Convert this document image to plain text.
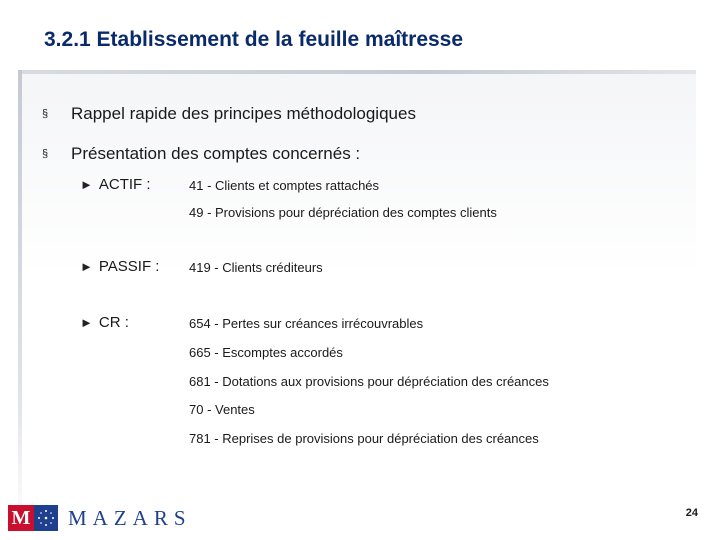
3.2.1 Etablissement de la feuille maîtresse
§	Rappel rapide des principes méthodologiques
§	Présentation des comptes concernés :
► ACTIF :	41 - Clients et comptes rattachés
49 - Provisions pour dépréciation des comptes clients
► PASSIF : 419 - Clients créditeurs
► CR :	654 - Pertes sur créances irrécouvrables
665 - Escomptes accordés
681 - Dotations aux provisions pour dépréciation des créances
70 - Ventes
781 - Reprises de provisions pour dépréciation des créances
M MAZARS	24
